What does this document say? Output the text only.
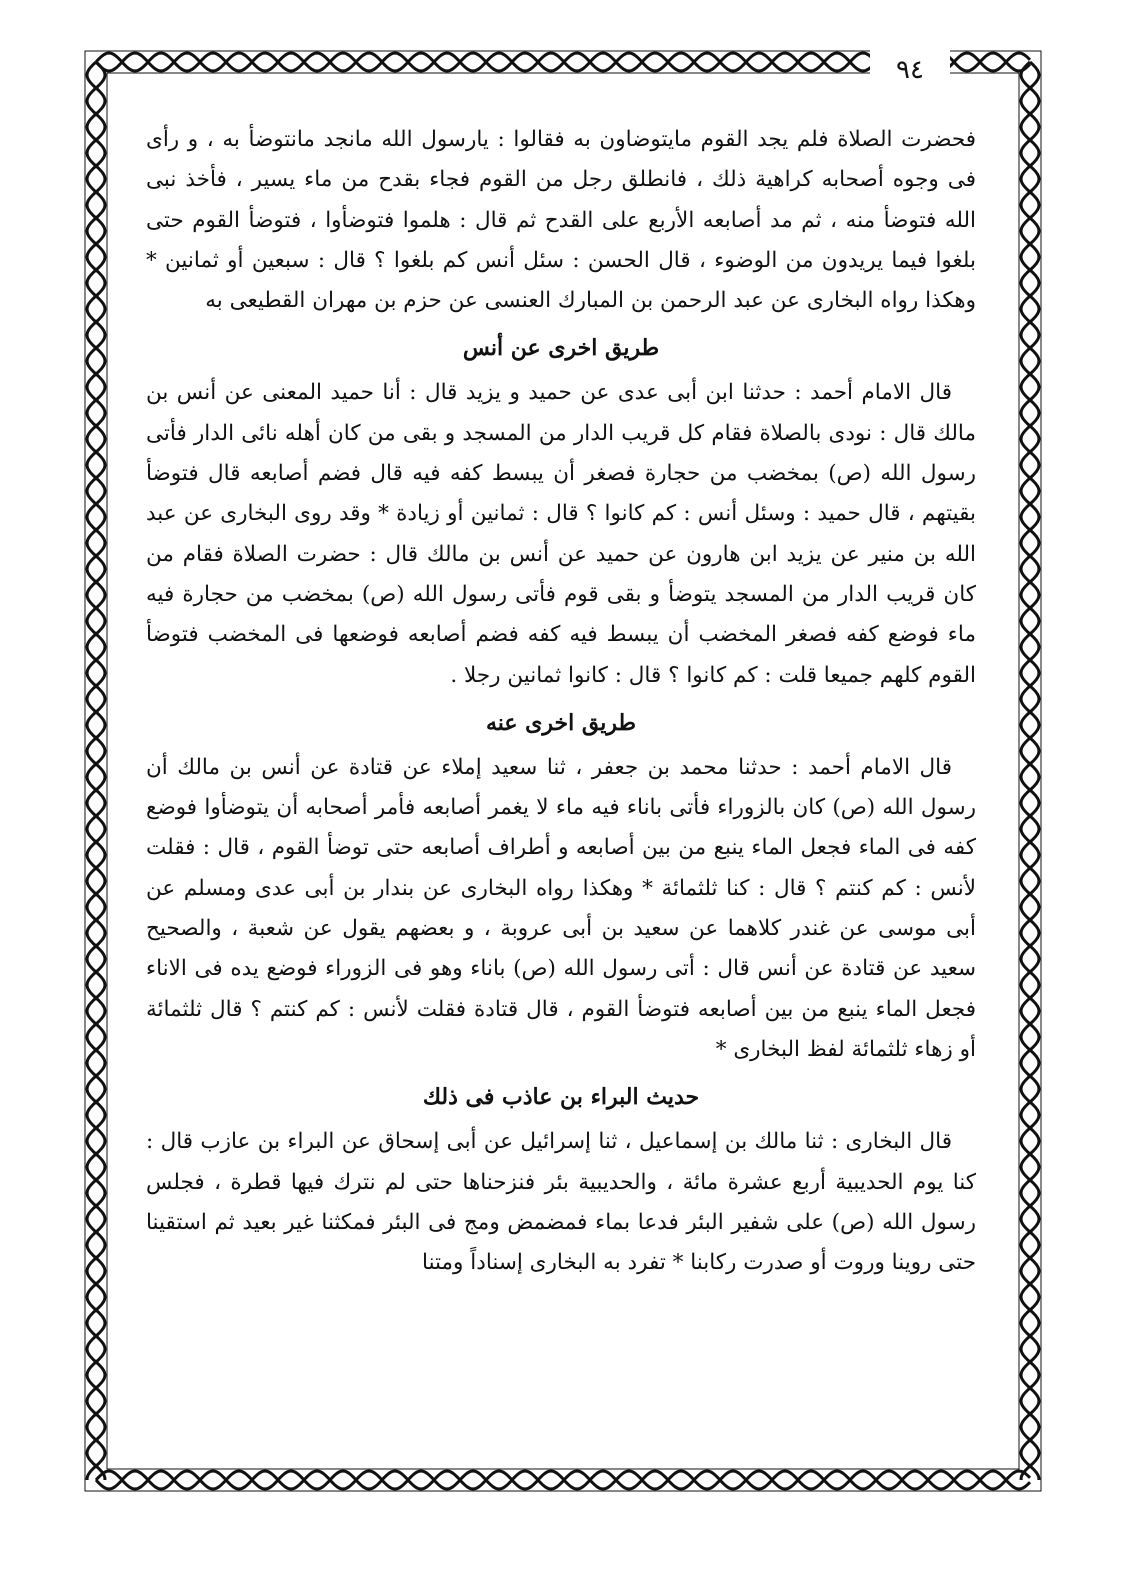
٩٤

فحضرت الصلاة فلم يجد القوم مايتوضاون به فقالوا : يارسول الله مانجد مانتوضأ به ، و رأى فى وجوه أصحابه كراهية ذلك ، فانطلق رجل من القوم فجاء بقدح من ماء يسير ، فأخذ نبى الله فتوضأ منه ، ثم مد أصابعه الأربع على القدح ثم قال : هلموا فتوضأوا ، فتوضأ القوم حتى بلغوا فيما يريدون من الوضوء ، قال الحسن : سئل أنس كم بلغوا ؟ قال : سبعين أو ثمانين * وهكذا رواه البخارى عن عبد الرحمن بن المبارك العنسى عن حزم بن مهران القطيعى به

طريق اخرى عن أنس

قال الامام أحمد : حدثنا ابن أبى عدى عن حميد و يزيد قال : أنا حميد المعنى عن أنس بن مالك قال : نودى بالصلاة فقام كل قريب الدار من المسجد و بقى من كان أهله نائى الدار فأتى رسول الله (ص) بمخضب من حجارة فصغر أن يبسط كفه فيه قال فضم أصابعه قال فتوضأ بقيتهم ، قال حميد : وسئل أنس : كم كانوا ؟ قال : ثمانين أو زيادة * وقد روى البخارى عن عبد الله بن منير عن يزيد ابن هارون عن حميد عن أنس بن مالك قال : حضرت الصلاة فقام من كان قريب الدار من المسجد يتوضأ و بقى قوم فأتى رسول الله (ص) بمخضب من حجارة فيه ماء فوضع كفه فصغر المخضب أن يبسط فيه كفه فضم أصابعه فوضعها فى المخضب فتوضأ القوم كلهم جميعا قلت : كم كانوا ؟ قال : كانوا ثمانين رجلا .

طريق اخرى عنه

قال الامام أحمد : حدثنا محمد بن جعفر ، ثنا سعيد إملاء عن قتادة عن أنس بن مالك أن رسول الله (ص) كان بالزوراء فأتى باناء فيه ماء لا يغمر أصابعه فأمر أصحابه أن يتوضأوا فوضع كفه فى الماء فجعل الماء ينبع من بين أصابعه و أطراف أصابعه حتى توضأ القوم ، قال : فقلت لأنس : كم كنتم ؟ قال : كنا ثلثمائة * وهكذا رواه البخارى عن بندار بن أبى عدى ومسلم عن أبى موسى عن غندر كلاهما عن سعيد بن أبى عروبة ، و بعضهم يقول عن شعبة ، والصحيح سعيد عن قتادة عن أنس قال : أتى رسول الله (ص) باناء وهو فى الزوراء فوضع يده فى الاناء فجعل الماء ينبع من بين أصابعه فتوضأ القوم ، قال قتادة فقلت لأنس : كم كنتم ؟ قال ثلثمائة أو زهاء ثلثمائة لفظ البخارى *

حديث البراء بن عاذب فى ذلك

قال البخارى : ثنا مالك بن إسماعيل ، ثنا إسرائيل عن أبى إسحاق عن البراء بن عازب قال : كنا يوم الحديبية أربع عشرة مائة ، والحديبية بئر فنزحناها حتى لم نترك فيها قطرة ، فجلس رسول الله (ص) على شفير البئر فدعا بماء فمضمض ومج فى البئر فمكثنا غير بعيد ثم استقينا حتى روينا وروت أو صدرت ركابنا * تفرد به البخارى إسناداً ومتنا
